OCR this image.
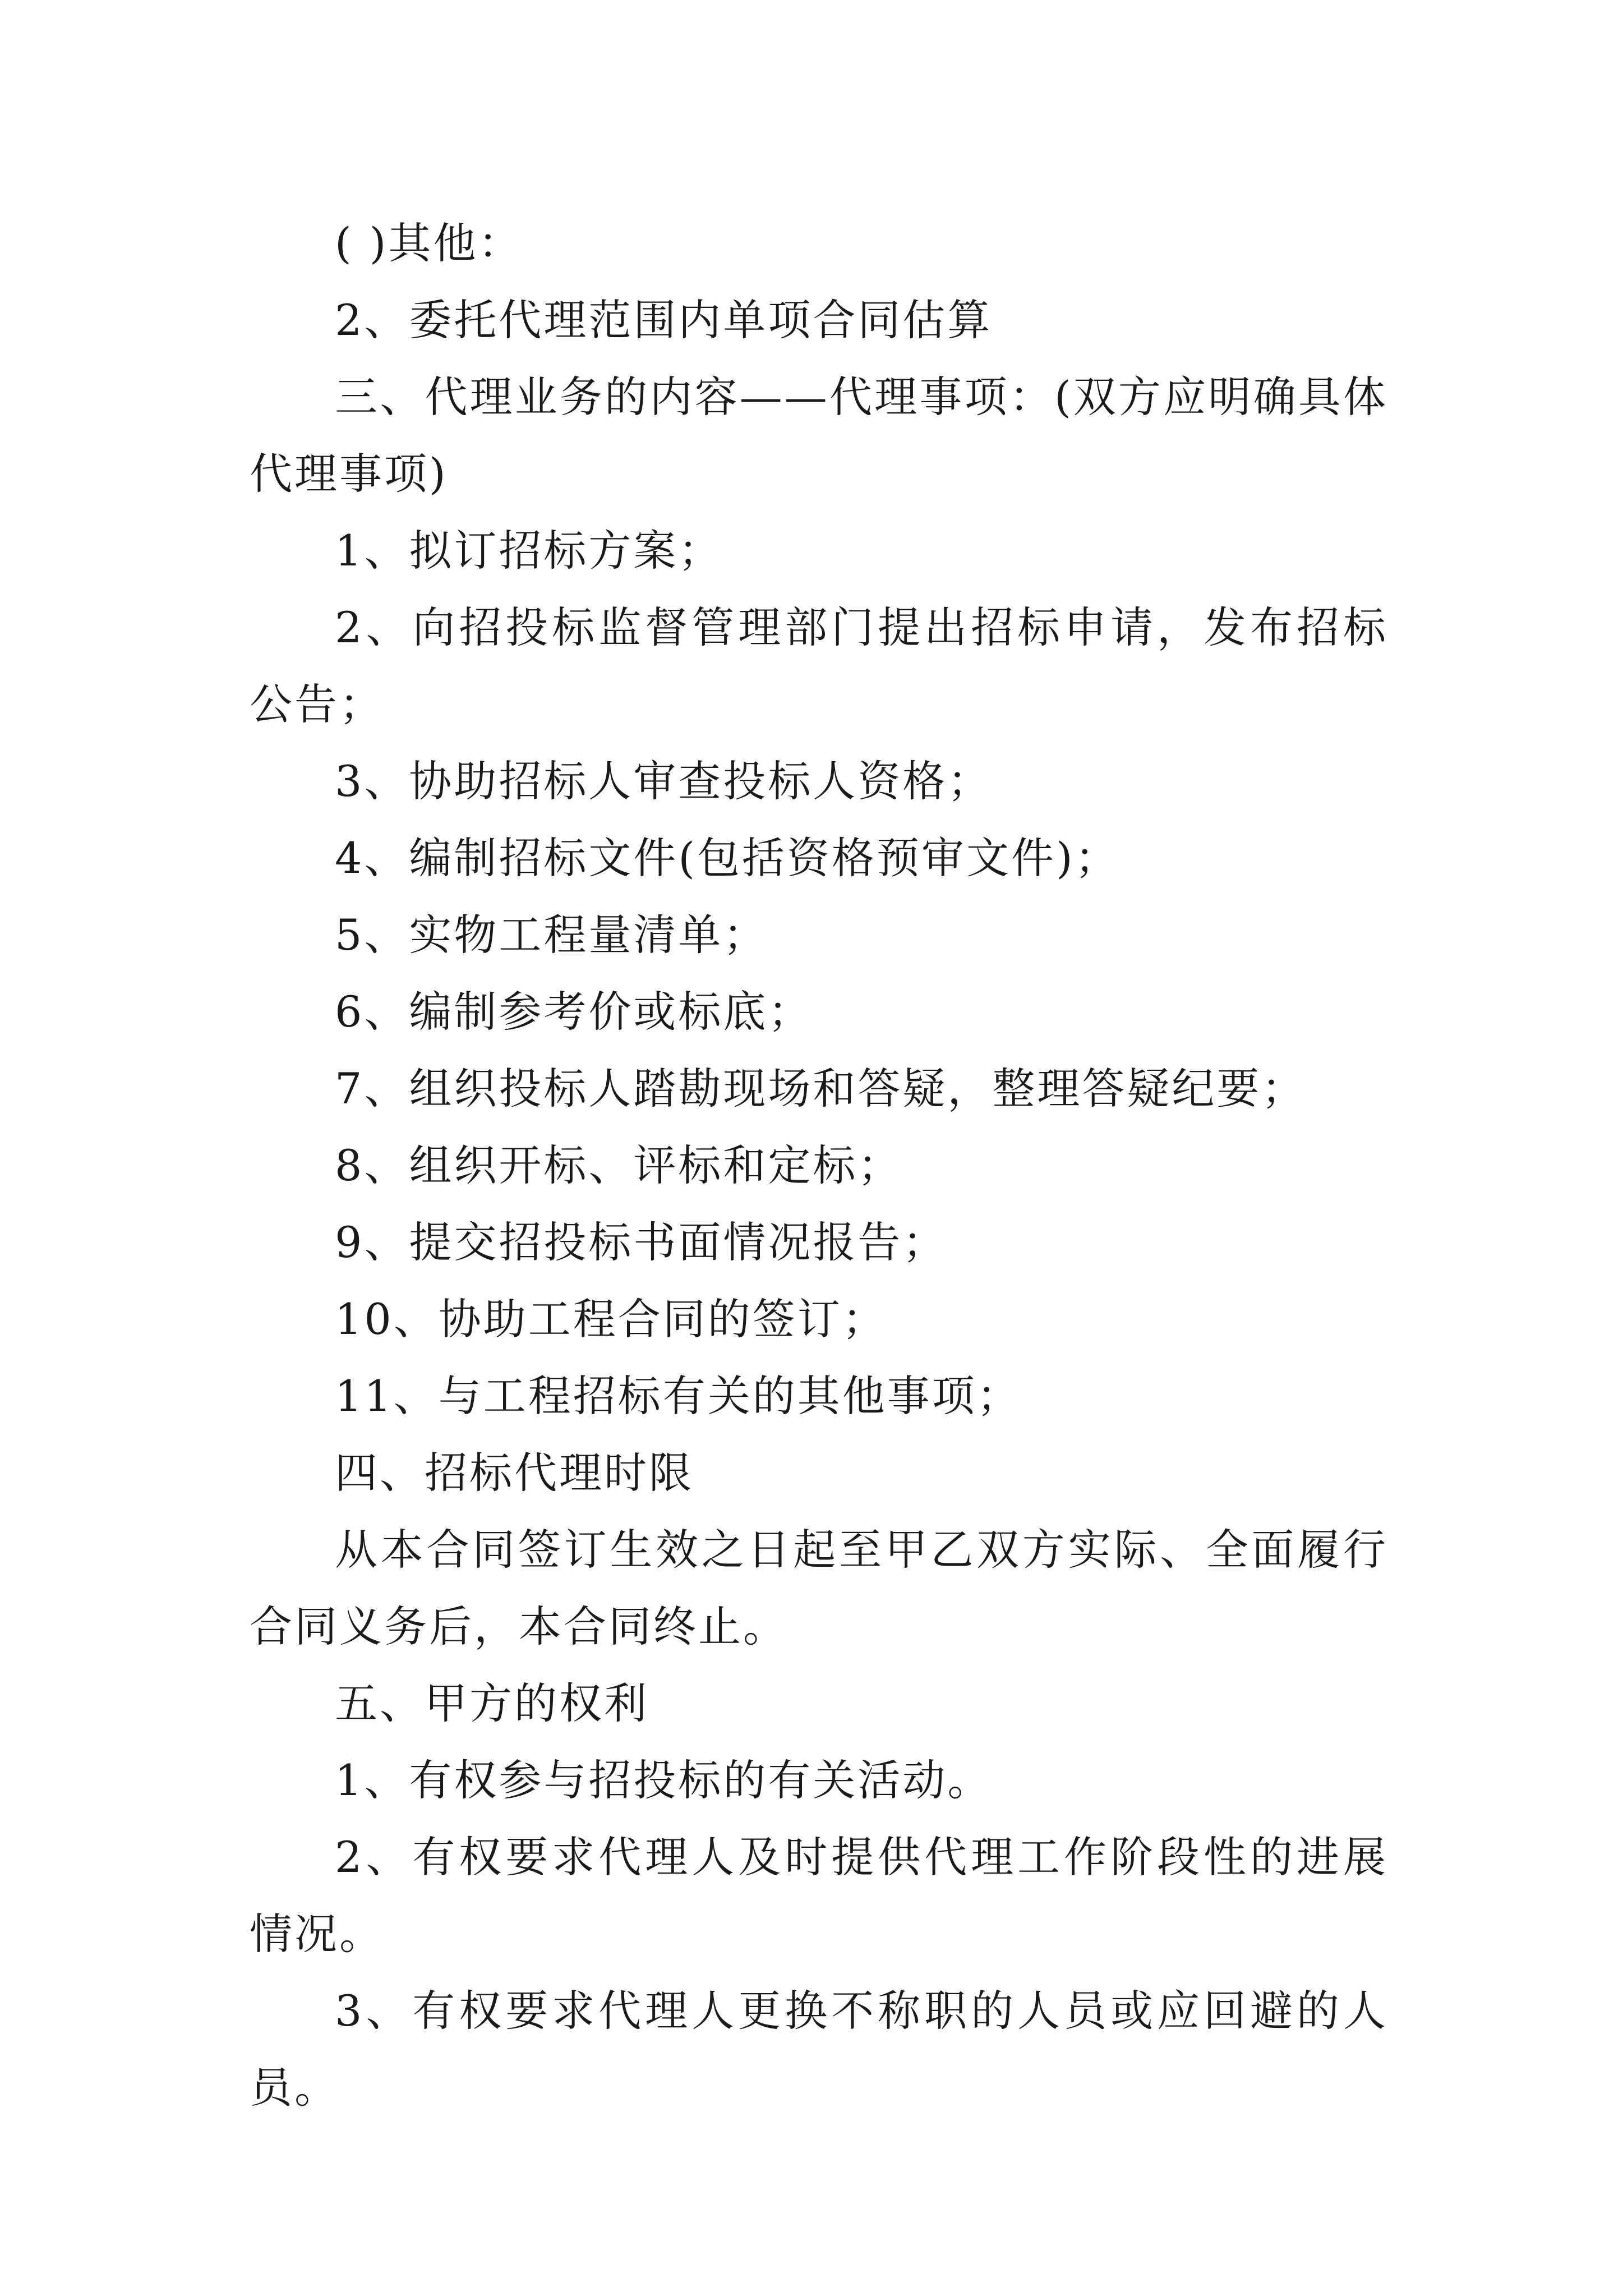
( )其他：

2、委托代理范围内单项合同估算

三、代理业务的内容——代理事项：(双方应明确具体代理事项)

1、拟订招标方案；

2、向招投标监督管理部门提出招标申请，发布招标公告；

3、协助招标人审查投标人资格；

4、编制招标文件(包括资格预审文件)；

5、实物工程量清单；

6、编制参考价或标底；

7、组织投标人踏勘现场和答疑，整理答疑纪要；

8、组织开标、评标和定标；

9、提交招投标书面情况报告；

10、协助工程合同的签订；

11、与工程招标有关的其他事项；

四、招标代理时限

从本合同签订生效之日起至甲乙双方实际、全面履行合同义务后，本合同终止。

五、甲方的权利

1、有权参与招投标的有关活动。

2、有权要求代理人及时提供代理工作阶段性的进展情况。

3、有权要求代理人更换不称职的人员或应回避的人员。
